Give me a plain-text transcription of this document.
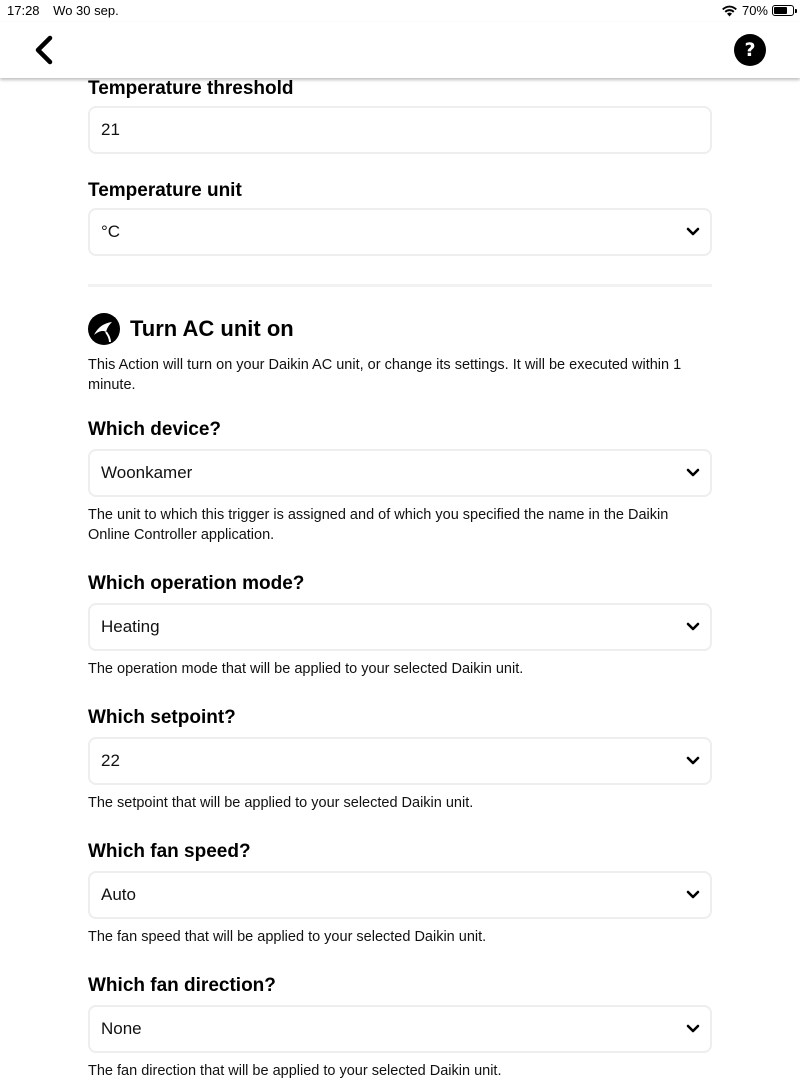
17:28 Wo 30 sep.	70%
?
Temperature threshold
21
Temperature unit
°C
Turn AC unit on
This Action will turn on your Daikin AC unit, or change its settings. It will be executed within 1 minute.
Which device?
Woonkamer
The unit to which this trigger is assigned and of which you specified the name in the Daikin Online Controller application.
Which operation mode?
Heating
The operation mode that will be applied to your selected Daikin unit.
Which setpoint?
22
The setpoint that will be applied to your selected Daikin unit.
Which fan speed?
Auto
The fan speed that will be applied to your selected Daikin unit.
Which fan direction?
None
The fan direction that will be applied to your selected Daikin unit.
